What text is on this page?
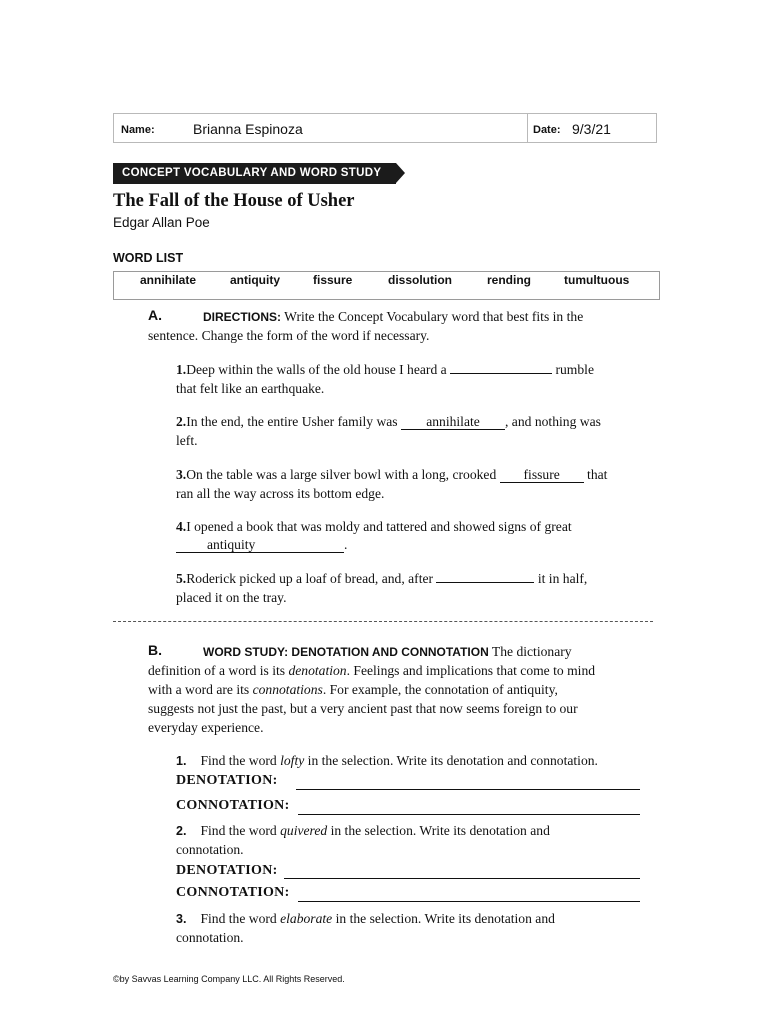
Name:	Brianna Espinoza	Date: 9/3/21
CONCEPT VOCABULARY AND WORD STUDY
The Fall of the House of Usher
Edgar Allan Poe
WORD LIST
annihilate	antiquity	fissure	dissolution	rending	tumultuous
A.	DIRECTIONS: Write the Concept Vocabulary word that best fits in the
sentence. Change the form of the word if necessary.
1.Deep within the walls of the old house I heard a	rumble
that felt like an earthquake.
2.In the end, the entire Usher family was annihilate , and nothing was
left.
3.On the table was a large silver bowl with a long, crooked fissure that
ran all the way across its bottom edge.
4.I opened a book that was moldy and tattered and showed signs of great
antiquity	.
5.Roderick picked up a loaf of bread, and, after	it in half,
placed it on the tray.
B.	WORD STUDY: DENOTATION AND CONNOTATION The dictionary
definition of a word is its denotation. Feelings and implications that come to mind
with a word are its connotations. For example, the connotation of antiquity,
suggests not just the past, but a very ancient past that now seems foreign to our
everyday experience.
1. Find the word lofty in the selection. Write its denotation and connotation.
DENOTATION:
CONNOTATION:
2. Find the word quivered in the selection. Write its denotation and
connotation.
DENOTATION:
CONNOTATION:
3. Find the word elaborate in the selection. Write its denotation and
connotation.
©by Savvas Learning Company LLC. All Rights Reserved.
